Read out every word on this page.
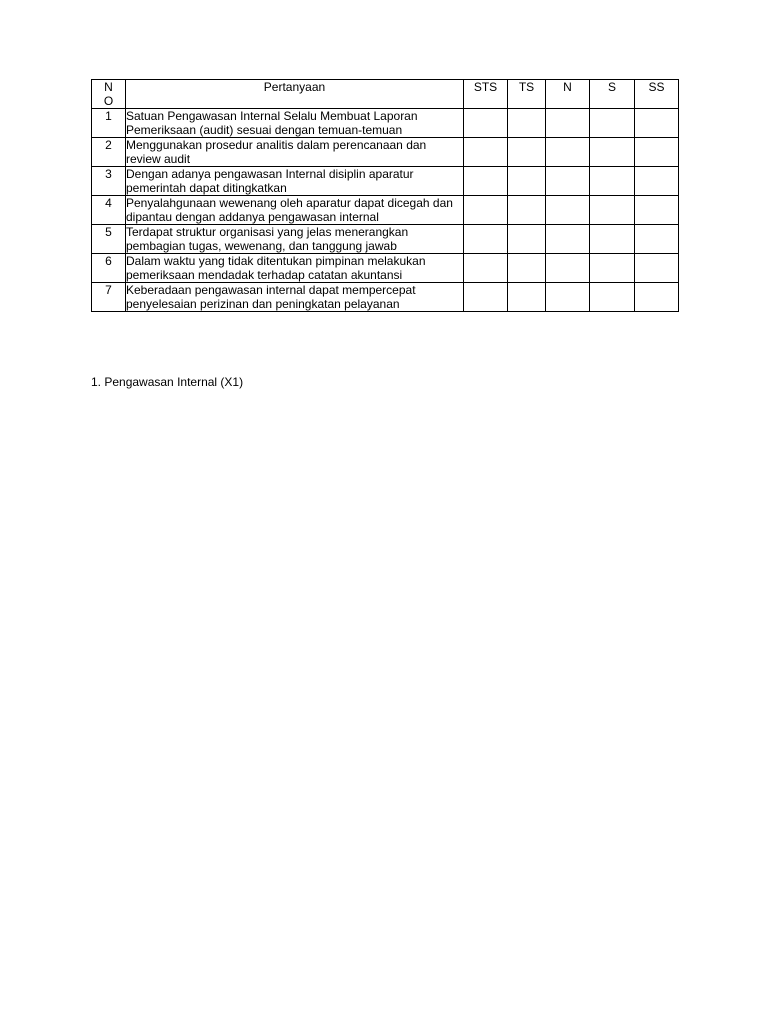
N
O	Pertanyaan	STS	TS	N	S	SS
1	Satuan Pengawasan Internal Selalu Membuat Laporan Pemeriksaan (audit) sesuai dengan temuan-temuan					
2	Menggunakan prosedur analitis dalam perencanaan dan review audit					
3	Dengan adanya pengawasan Internal disiplin aparatur pemerintah dapat ditingkatkan					
4	Penyalahgunaan wewenang oleh aparatur dapat dicegah dan dipantau dengan addanya pengawasan internal					
5	Terdapat struktur organisasi yang jelas menerangkan pembagian tugas, wewenang, dan tanggung jawab					
6	Dalam waktu yang tidak ditentukan pimpinan melakukan pemeriksaan mendadak terhadap catatan akuntansi					
7	Keberadaan pengawasan internal dapat mempercepat penyelesaian perizinan dan peningkatan pelayanan					
1. Pengawasan Internal (X1)
